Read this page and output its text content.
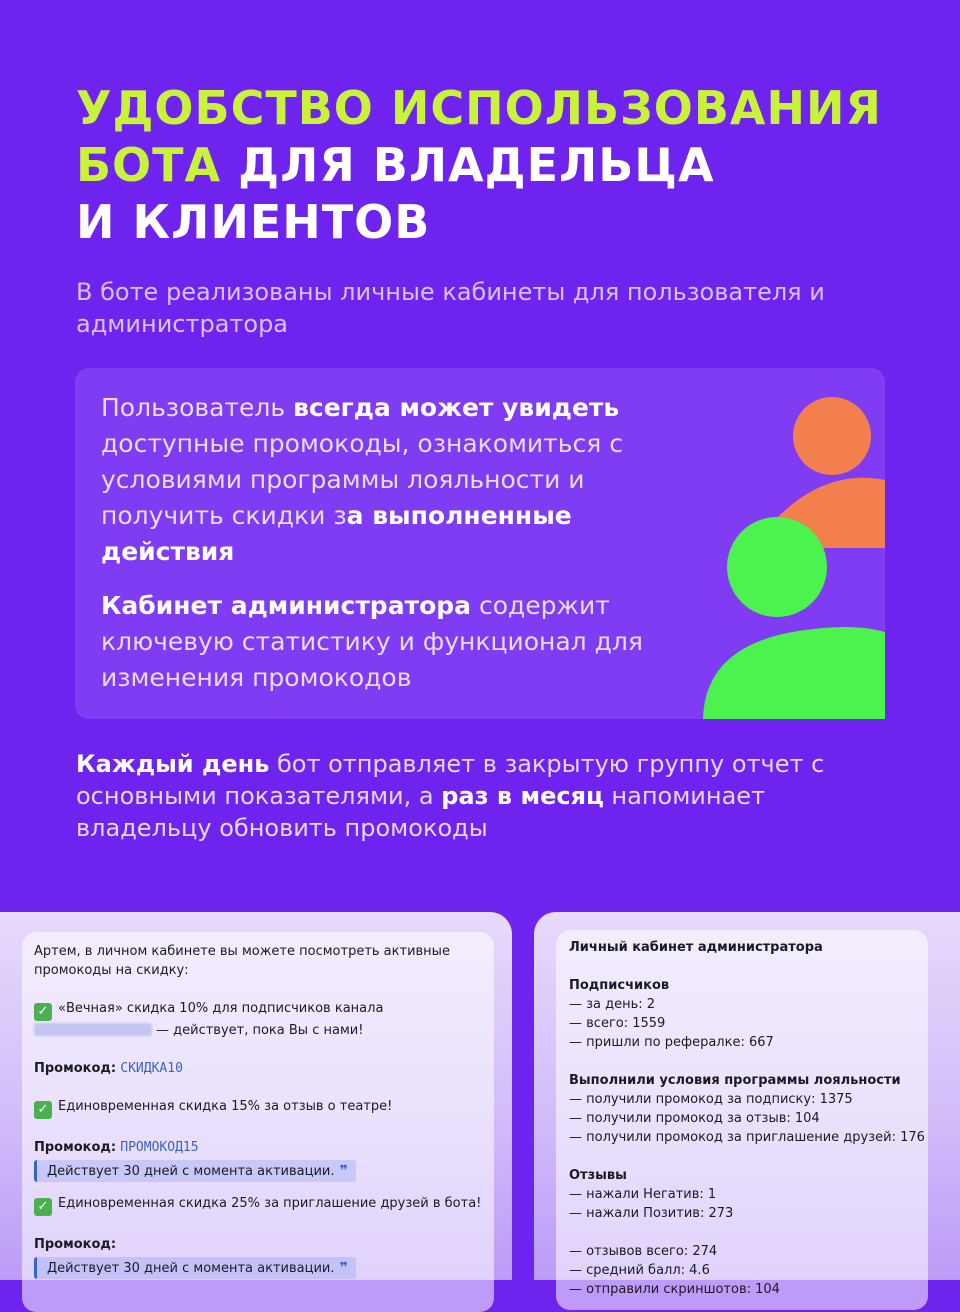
УДОБСТВО ИСПОЛЬЗОВАНИЯ
БОТА ДЛЯ ВЛАДЕЛЬЦА
И КЛИЕНТОВ
В боте реализованы личные кабинеты для пользователя и администратора

Пользователь всегда может увидеть доступные промокоды, ознакомиться с условиями программы лояльности и получить скидки за выполненные действия

Кабинет администратора содержит ключевую статистику и функционал для изменения промокодов

Каждый день бот отправляет в закрытую группу отчет с основными показателями, а раз в месяц напоминает владельцу обновить промокоды
Артем, в личном кабинете вы можете посмотреть активные
промокоды на скидку:
✓ «Вечная» скидка 10% для подписчиков канала
— действует, пока Вы с нами!
Промокод: СКИДКА10
✓ Единовременная скидка 15% за отзыв о театре!
Промокод: ПРОМОКОД15
Действует 30 дней с момента активации. ❞
✓ Единовременная скидка 25% за приглашение друзей в бота!
Промокод:
Действует 30 дней с момента активации. ❞
Личный кабинет администратора
Подписчиков
— за день: 2
— всего: 1559
— пришли по рефералке: 667
Выполнили условия программы лояльности
— получили промокод за подписку: 1375
— получили промокод за отзыв: 104
— получили промокод за приглашение друзей: 176
Отзывы
— нажали Негатив: 1
— нажали Позитив: 273
— отзывов всего: 274
— средний балл: 4.6
— отправили скриншотов: 104
